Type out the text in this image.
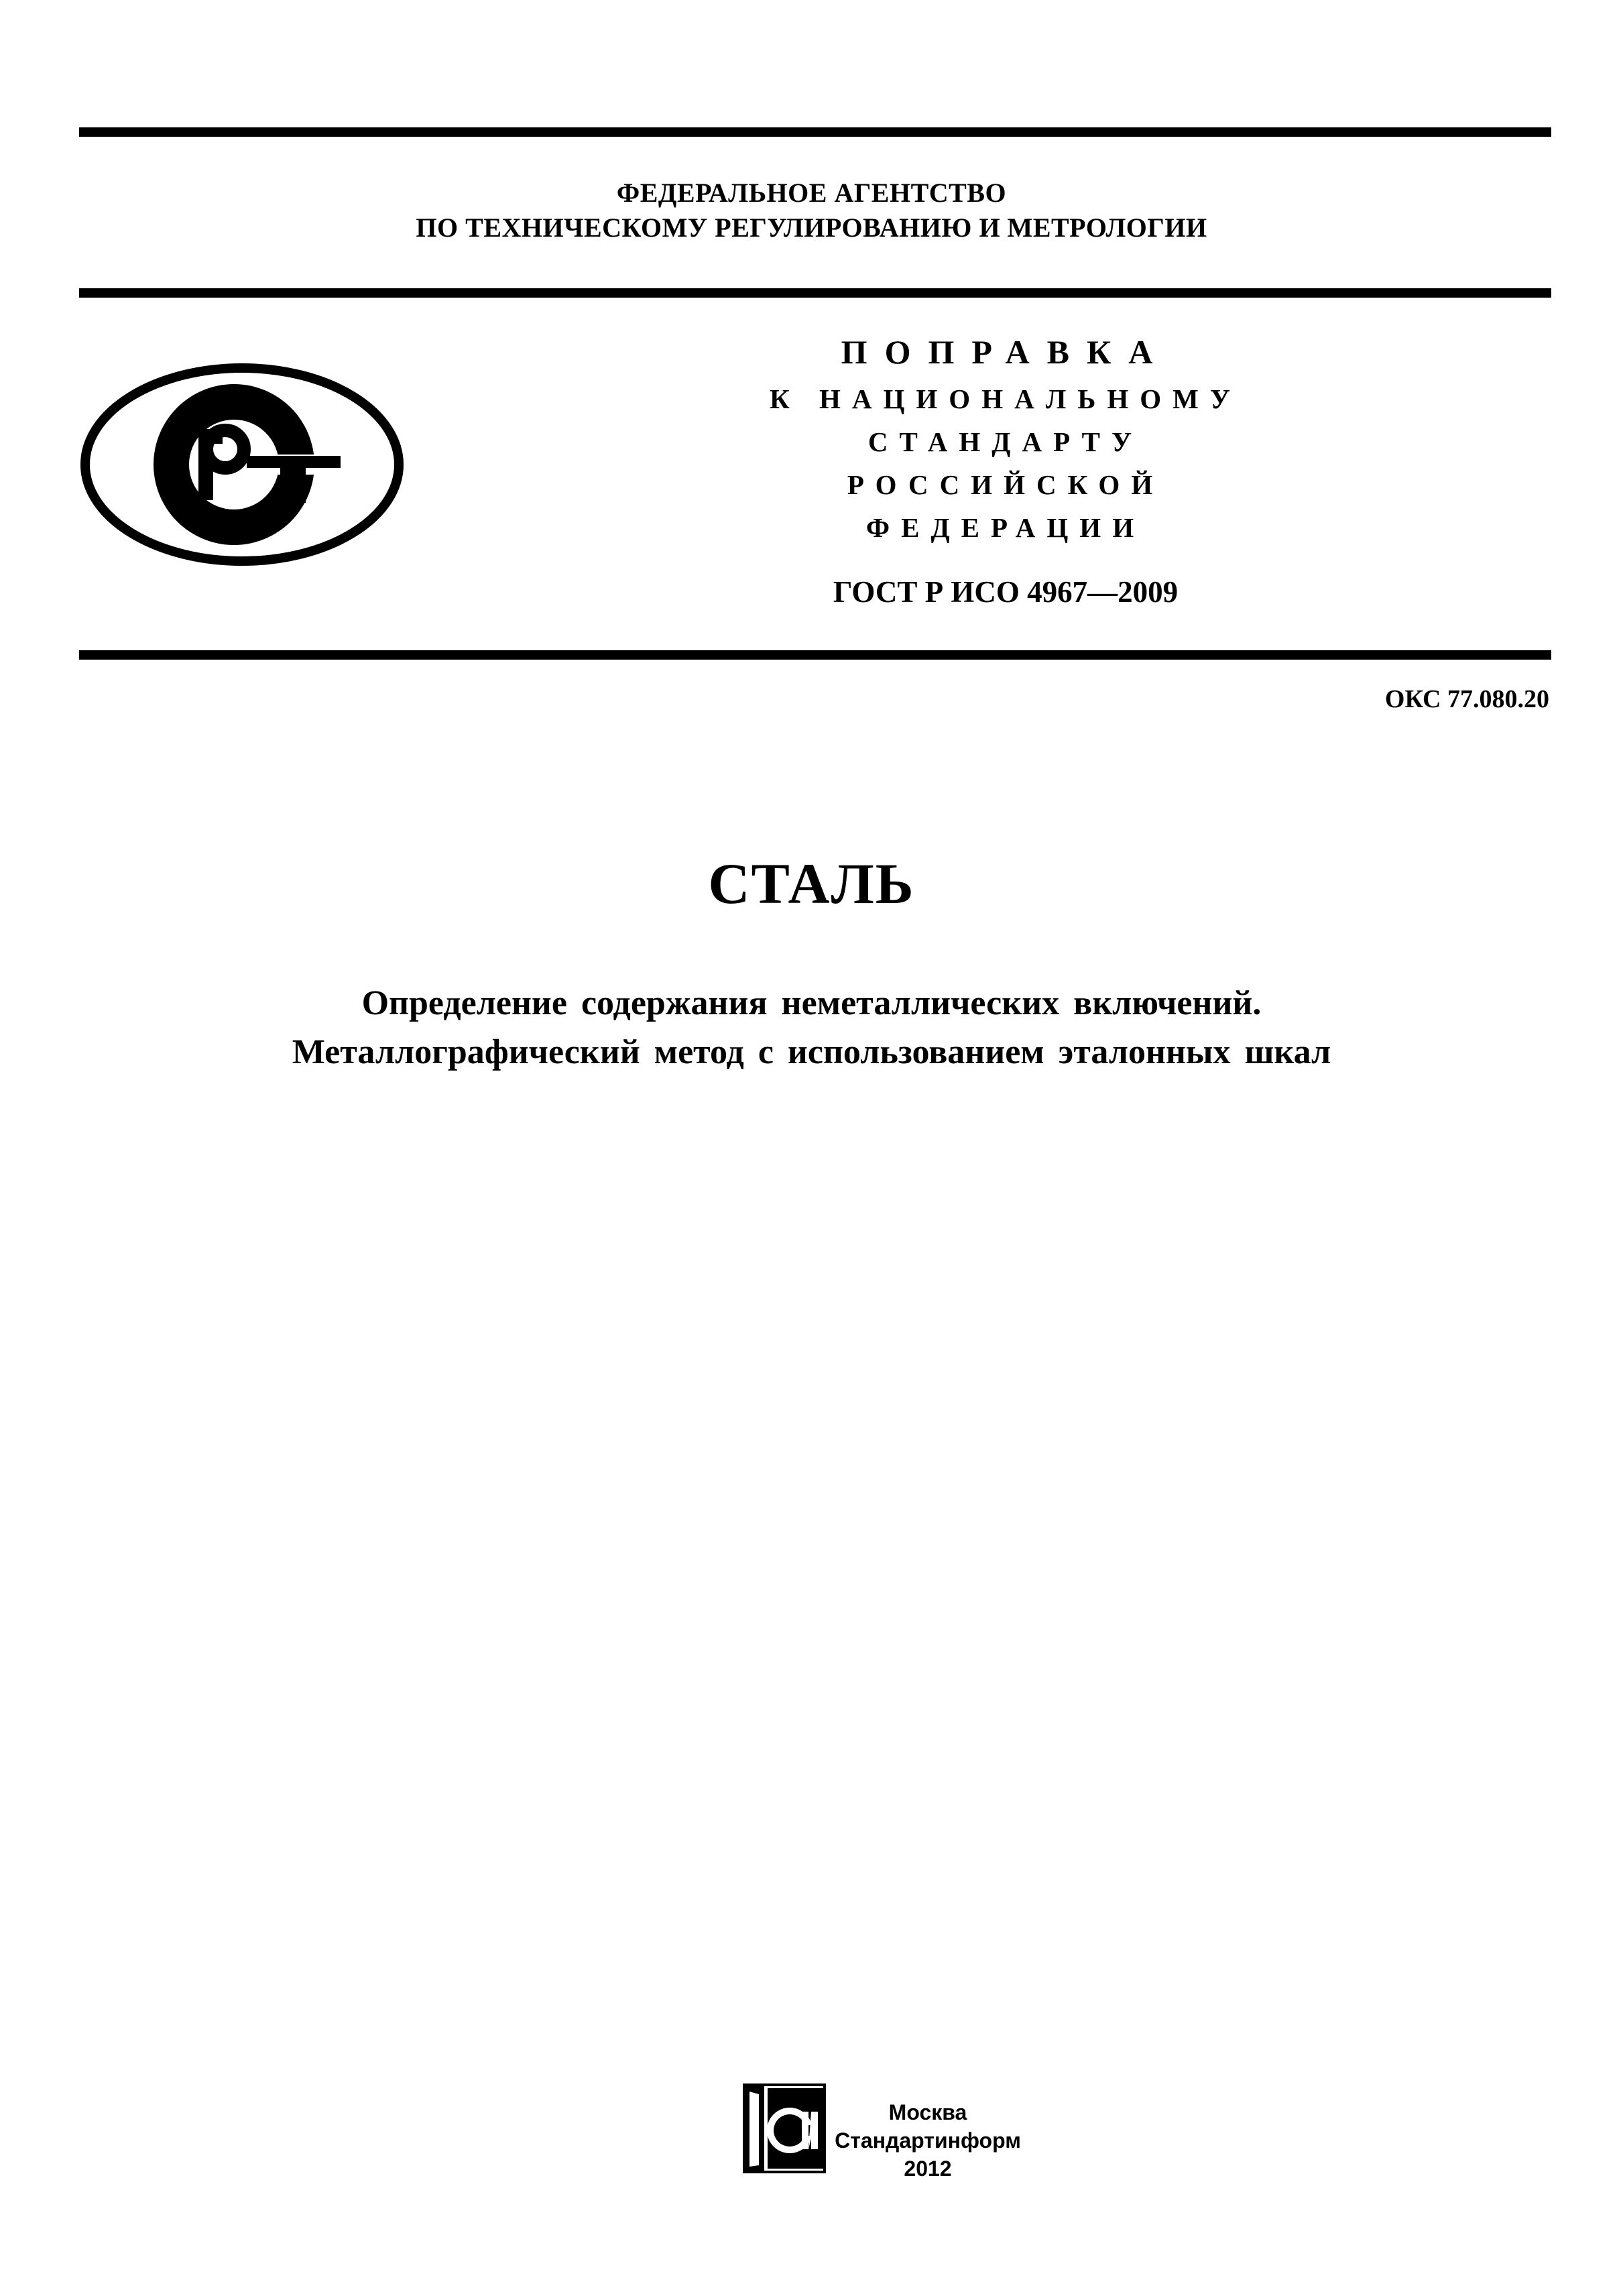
ФЕДЕРАЛЬНОЕ АГЕНТСТВО
ПО ТЕХНИЧЕСКОМУ РЕГУЛИРОВАНИЮ И МЕТРОЛОГИИ
ПОПРАВКА
К НАЦИОНАЛЬНОМУ
СТАНДАРТУ
РОССИЙСКОЙ
ФЕДЕРАЦИИ
ГОСТ Р ИСО 4967—2009
ОКС 77.080.20
СТАЛЬ
Определение содержания неметаллических включений.
Металлографический метод с использованием эталонных шкал
Москва
Стандартинформ
2012
